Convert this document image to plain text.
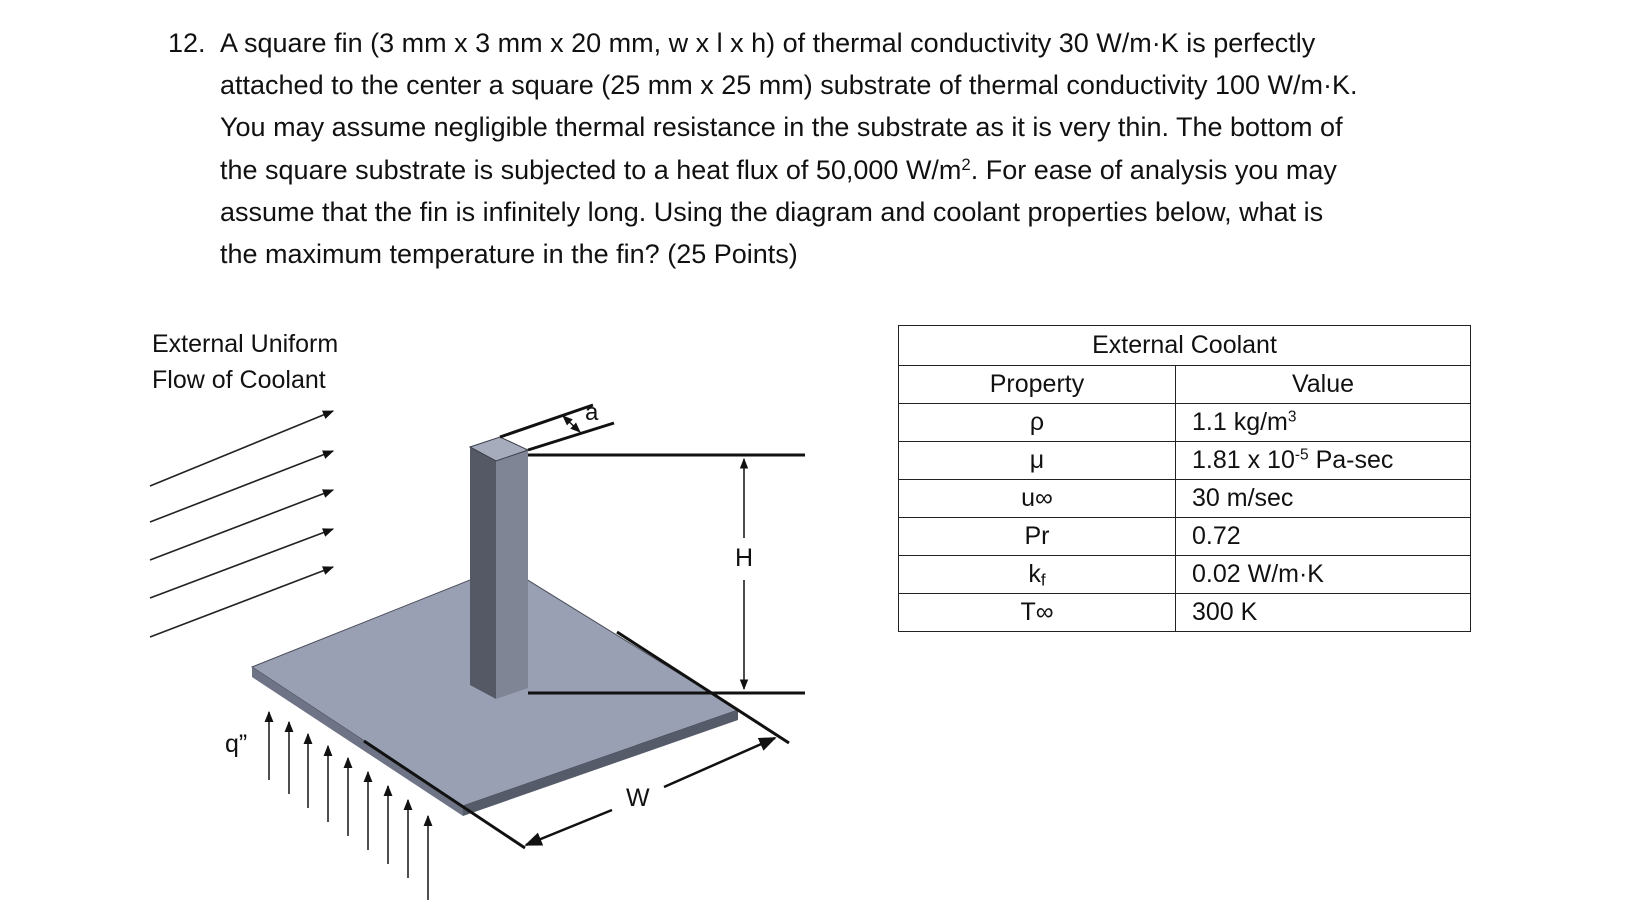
12. A square fin (3 mm x 3 mm x 20 mm, w x l x h) of thermal conductivity 30 W/m·K is perfectly
attached to the center a square (25 mm x 25 mm) substrate of thermal conductivity 100 W/m·K.
You may assume negligible thermal resistance in the substrate as it is very thin. The bottom of
the square substrate is subjected to a heat flux of 50,000 $W/m^2$. For ease of analysis you may
assume that the fin is infinitely long. Using the diagram and coolant properties below, what is
the maximum temperature in the fin? (25 Points)
External Uniform
Flow of Coolant
a
H
W
q”
External Coolant	
Property	Value
ρ	1.1 $kg/m^3$
μ	1.81 x $10^{-5}$ Pa-sec
u∞	30 m/sec
Pr	0.72
kf	0.02 W/m·K
T∞	300 K
